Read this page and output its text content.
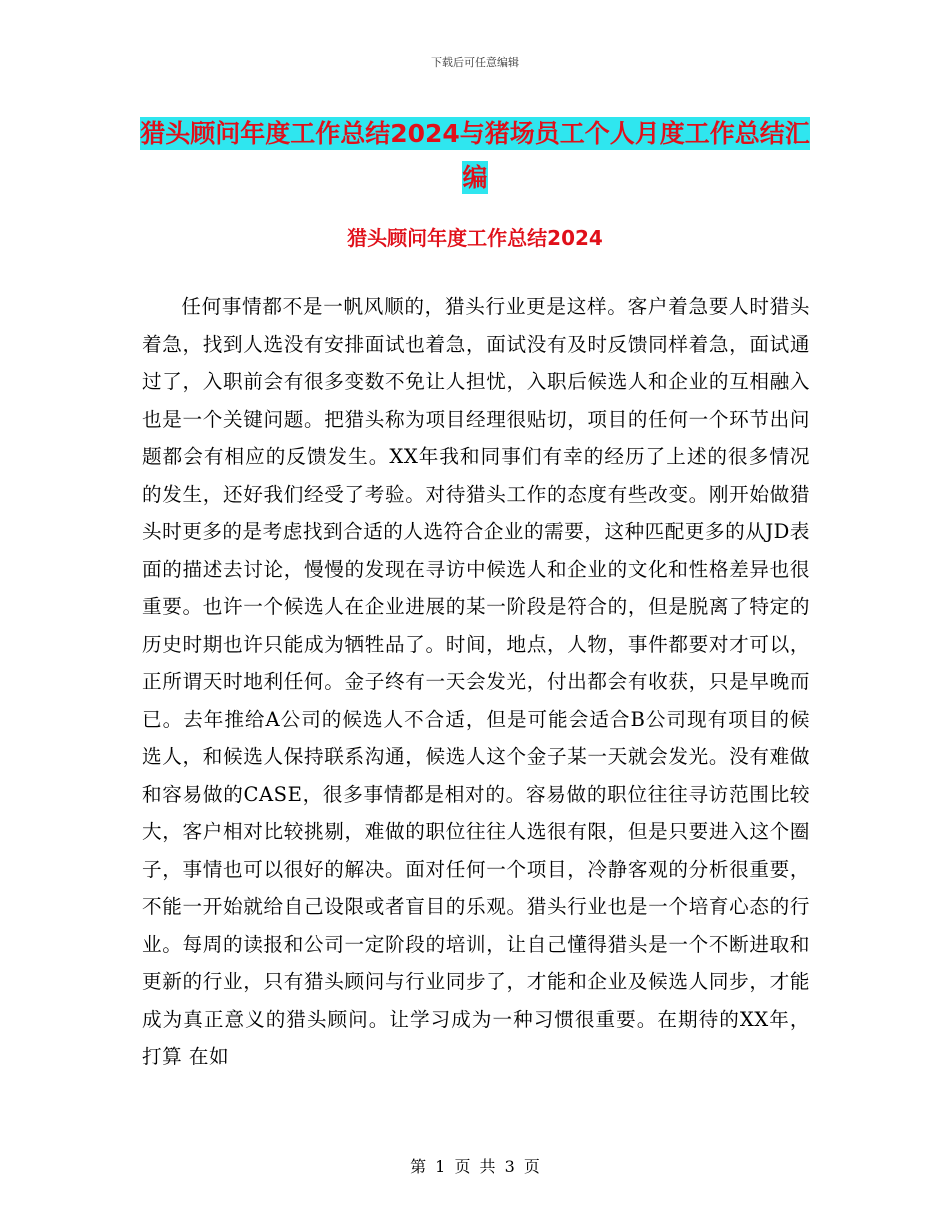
下载后可任意编辑
猎头顾问年度工作总结2024与猪场员工个人月度工作总结汇编
猎头顾问年度工作总结2024

任何事情都不是一帆风顺的，猎头行业更是这样。客户着急要人时猎头着急，找到人选没有安排面试也着急，面试没有及时反馈同样着急，面试通过了，入职前会有很多变数不免让人担忧，入职后候选人和企业的互相融入也是一个关键问题。把猎头称为项目经理很贴切，项目的任何一个环节出问题都会有相应的反馈发生。XX年我和同事们有幸的经历了上述的很多情况的发生，还好我们经受了考验。对待猎头工作的态度有些改变。刚开始做猎头时更多的是考虑找到合适的人选符合企业的需要，这种匹配更多的从JD表面的描述去讨论，慢慢的发现在寻访中候选人和企业的文化和性格差异也很重要。也许一个候选人在企业进展的某一阶段是符合的，但是脱离了特定的历史时期也许只能成为牺牲品了。时间，地点，人物，事件都要对才可以，正所谓天时地利任何。金子终有一天会发光，付出都会有收获，只是早晚而已。去年推给A公司的候选人不合适，但是可能会适合B公司现有项目的候选人，和候选人保持联系沟通，候选人这个金子某一天就会发光。没有难做和容易做的CASE，很多事情都是相对的。容易做的职位往往寻访范围比较大，客户相对比较挑剔，难做的职位往往人选很有限，但是只要进入这个圈子，事情也可以很好的解决。面对任何一个项目，冷静客观的分析很重要，不能一开始就给自己设限或者盲目的乐观。猎头行业也是一个培育心态的行业。每周的读报和公司一定阶段的培训，让自己懂得猎头是一个不断进取和更新的行业，只有猎头顾问与行业同步了，才能和企业及候选人同步，才能成为真正意义的猎头顾问。让学习成为一种习惯很重要。在期待的XX年，打算 在如

第 1 页 共 3 页
